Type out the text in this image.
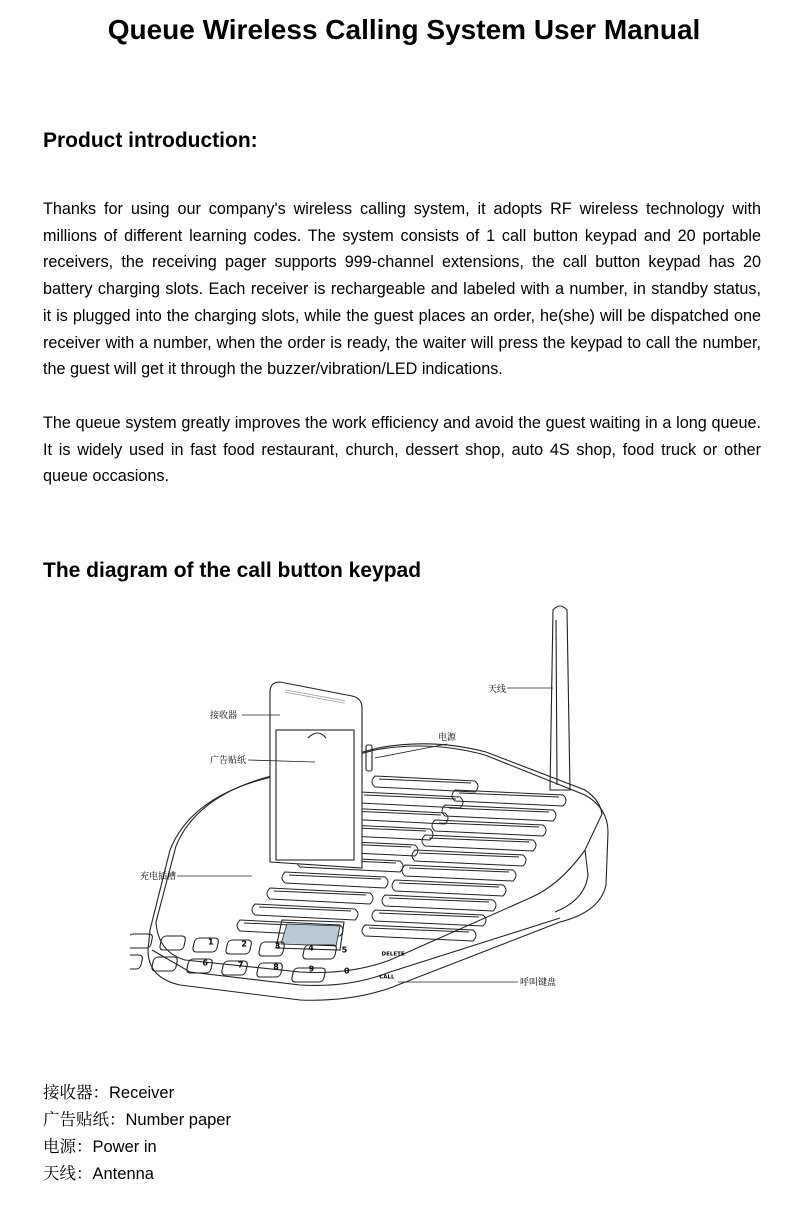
Queue Wireless Calling System User Manual
Product introduction:

Thanks for using our company's wireless calling system, it adopts RF wireless technology with millions of different learning codes. The system consists of 1 call button keypad and 20 portable receivers, the receiving pager supports 999-channel extensions, the call button keypad has 20 battery charging slots. Each receiver is rechargeable and labeled with a number, in standby status, it is plugged into the charging slots, while the guest places an order, he(she) will be dispatched one receiver with a number, when the order is ready, the waiter will press the keypad to call the number, the guest will get it through the buzzer/vibration/LED indications.

The queue system greatly improves the work efficiency and avoid the guest waiting in a long queue. It is widely used in fast food restaurant, church, dessert shop, auto 4S shop, food truck or other queue occasions.

The diagram of the call button keypad
1	2	3	4	5
6	7	8	9	0
DELETE
CALL
天线
接收器
广告贴纸
电源
充电插槽
呼叫键盘
接收器：Receiver
广告贴纸：Number paper
电源：Power in
天线：Antenna
